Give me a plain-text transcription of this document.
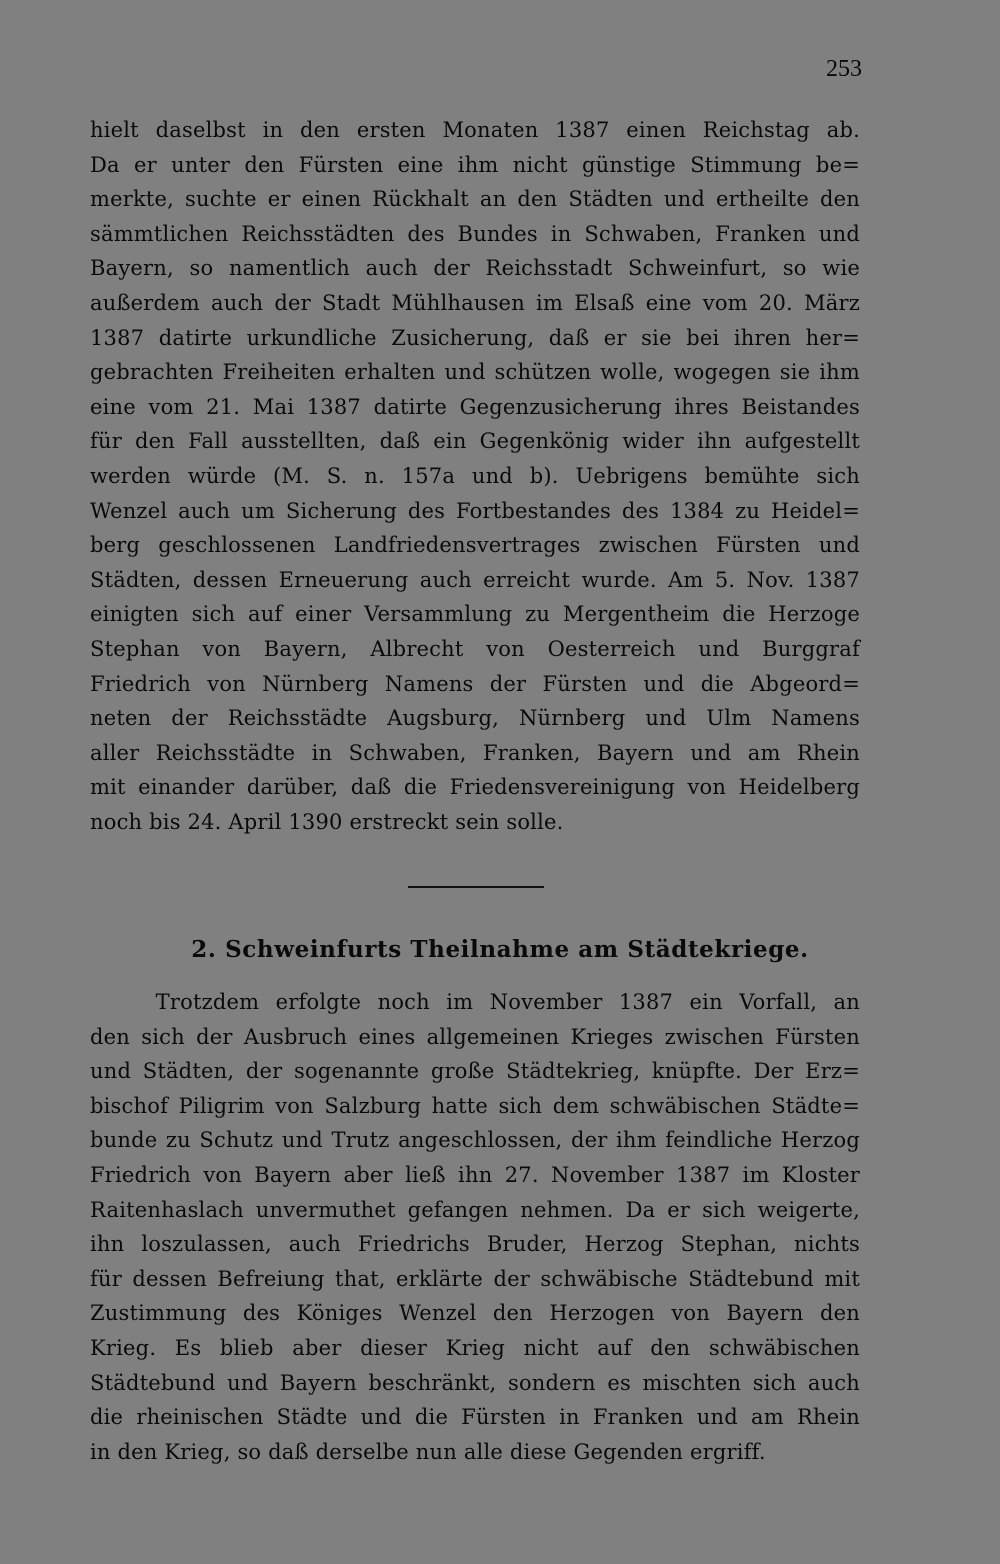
253
hielt daselbst in den ersten Monaten 1387 einen Reichstag ab.
Da er unter den Fürsten eine ihm nicht günstige Stimmung be=
merkte, suchte er einen Rückhalt an den Städten und ertheilte den
sämmtlichen Reichsstädten des Bundes in Schwaben, Franken und
Bayern, so namentlich auch der Reichsstadt Schweinfurt, so wie
außerdem auch der Stadt Mühlhausen im Elsaß eine vom 20. März
1387 datirte urkundliche Zusicherung, daß er sie bei ihren her=
gebrachten Freiheiten erhalten und schützen wolle, wogegen sie ihm
eine vom 21. Mai 1387 datirte Gegenzusicherung ihres Beistandes
für den Fall ausstellten, daß ein Gegenkönig wider ihn aufgestellt
werden würde (M. S. n. 157a und b). Uebrigens bemühte sich
Wenzel auch um Sicherung des Fortbestandes des 1384 zu Heidel=
berg geschlossenen Landfriedensvertrages zwischen Fürsten und
Städten, dessen Erneuerung auch erreicht wurde. Am 5. Nov. 1387
einigten sich auf einer Versammlung zu Mergentheim die Herzoge
Stephan von Bayern, Albrecht von Oesterreich und Burggraf
Friedrich von Nürnberg Namens der Fürsten und die Abgeord=
neten der Reichsstädte Augsburg, Nürnberg und Ulm Namens
aller Reichsstädte in Schwaben, Franken, Bayern und am Rhein
mit einander darüber, daß die Friedensvereinigung von Heidelberg
noch bis 24. April 1390 erstreckt sein solle.
2. Schweinfurts Theilnahme am Städtekriege.
Trotzdem erfolgte noch im November 1387 ein Vorfall, an
den sich der Ausbruch eines allgemeinen Krieges zwischen Fürsten
und Städten, der sogenannte große Städtekrieg, knüpfte. Der Erz=
bischof Piligrim von Salzburg hatte sich dem schwäbischen Städte=
bunde zu Schutz und Trutz angeschlossen, der ihm feindliche Herzog
Friedrich von Bayern aber ließ ihn 27. November 1387 im Kloster
Raitenhaslach unvermuthet gefangen nehmen. Da er sich weigerte,
ihn loszulassen, auch Friedrichs Bruder, Herzog Stephan, nichts
für dessen Befreiung that, erklärte der schwäbische Städtebund mit
Zustimmung des Königes Wenzel den Herzogen von Bayern den
Krieg. Es blieb aber dieser Krieg nicht auf den schwäbischen
Städtebund und Bayern beschränkt, sondern es mischten sich auch
die rheinischen Städte und die Fürsten in Franken und am Rhein
in den Krieg, so daß derselbe nun alle diese Gegenden ergriff.
